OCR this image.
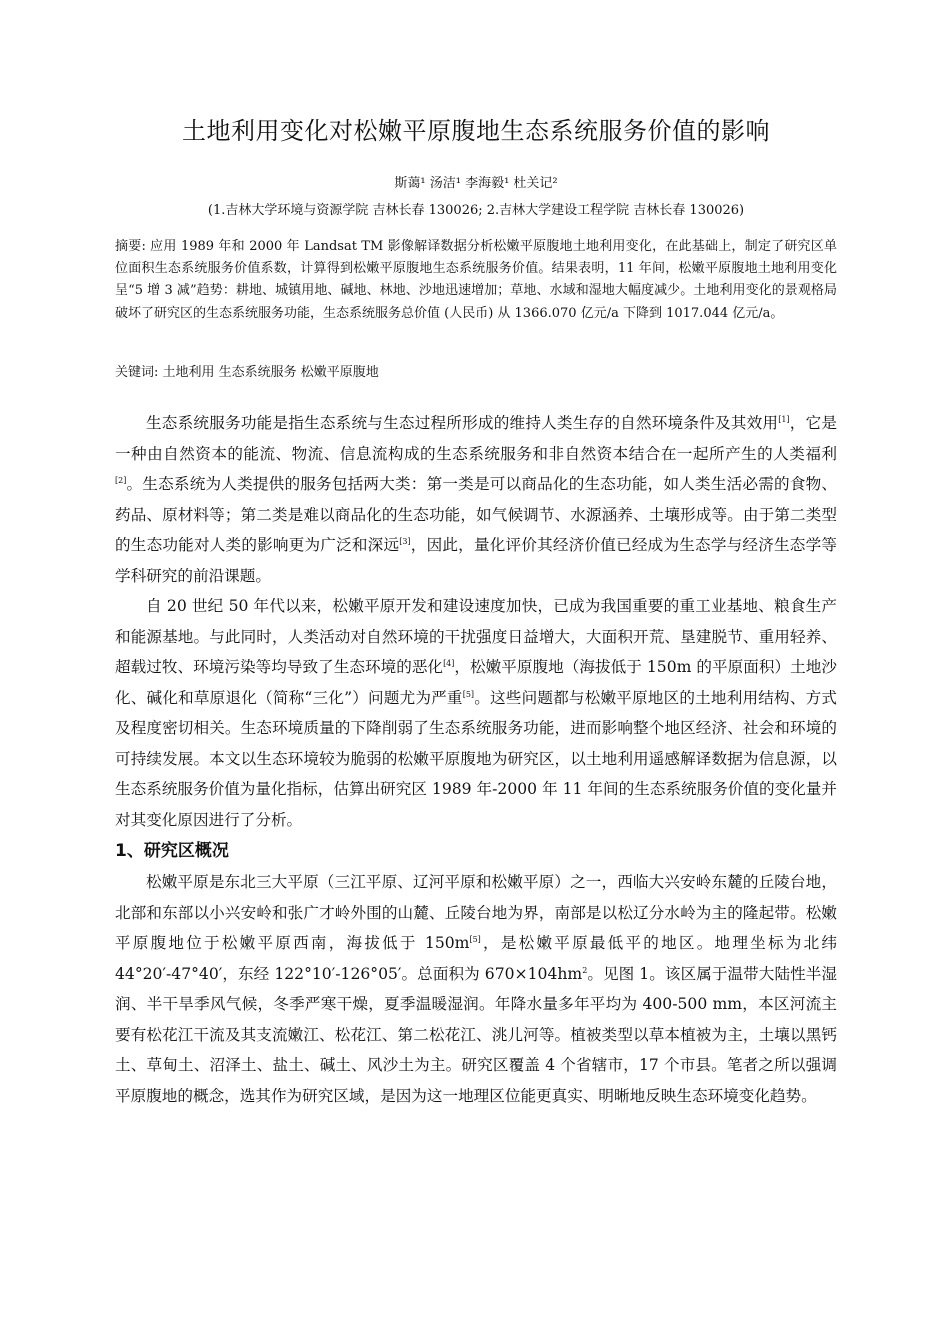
土地利用变化对松嫩平原腹地生态系统服务价值的影响
斯蔼¹ 汤洁¹ 李海毅¹ 杜关记²
(1.吉林大学环境与资源学院 吉林长春 130026; 2.吉林大学建设工程学院 吉林长春 130026)
摘要: 应用 1989 年和 2000 年 Landsat TM 影像解译数据分析松嫩平原腹地土地利用变化，在此基础上，制定了研究区单位面积生态系统服务价值系数，计算得到松嫩平原腹地生态系统服务价值。结果表明，11 年间，松嫩平原腹地土地利用变化呈“5 增 3 减”趋势：耕地、城镇用地、碱地、林地、沙地迅速增加；草地、水域和湿地大幅度减少。土地利用变化的景观格局破坏了研究区的生态系统服务功能，生态系统服务总价值 (人民币) 从 1366.070 亿元/a 下降到 1017.044 亿元/a。
关键词: 土地利用 生态系统服务 松嫩平原腹地

生态系统服务功能是指生态系统与生态过程所形成的维持人类生存的自然环境条件及其效用[1]，它是一种由自然资本的能流、物流、信息流构成的生态系统服务和非自然资本结合在一起所产生的人类福利[2]。生态系统为人类提供的服务包括两大类：第一类是可以商品化的生态功能，如人类生活必需的食物、药品、原材料等；第二类是难以商品化的生态功能，如气候调节、水源涵养、土壤形成等。由于第二类型的生态功能对人类的影响更为广泛和深远[3]，因此，量化评价其经济价值已经成为生态学与经济生态学等学科研究的前沿课题。

自 20 世纪 50 年代以来，松嫩平原开发和建设速度加快，已成为我国重要的重工业基地、粮食生产和能源基地。与此同时，人类活动对自然环境的干扰强度日益增大，大面积开荒、垦建脱节、重用轻养、超载过牧、环境污染等均导致了生态环境的恶化[4]，松嫩平原腹地（海拔低于 150m 的平原面积）土地沙化、碱化和草原退化（简称“三化”）问题尤为严重[5]。这些问题都与松嫩平原地区的土地利用结构、方式及程度密切相关。生态环境质量的下降削弱了生态系统服务功能，进而影响整个地区经济、社会和环境的可持续发展。本文以生态环境较为脆弱的松嫩平原腹地为研究区，以土地利用遥感解译数据为信息源，以生态系统服务价值为量化指标，估算出研究区 1989 年-2000 年 11 年间的生态系统服务价值的变化量并对其变化原因进行了分析。

1、研究区概况

松嫩平原是东北三大平原（三江平原、辽河平原和松嫩平原）之一，西临大兴安岭东麓的丘陵台地，北部和东部以小兴安岭和张广才岭外围的山麓、丘陵台地为界，南部是以松辽分水岭为主的隆起带。松嫩平原腹地位于松嫩平原西南，海拔低于 150m[5]，是松嫩平原最低平的地区。地理坐标为北纬 44°20′-47°40′，东经 122°10′-126°05′。总面积为 $670\times 104hm^2$。见图 1。该区属于温带大陆性半湿润、半干旱季风气候，冬季严寒干燥，夏季温暖湿润。年降水量多年平均为 400-500 mm，本区河流主要有松花江干流及其支流嫩江、松花江、第二松花江、洮儿河等。植被类型以草本植被为主，土壤以黑钙土、草甸土、沼泽土、盐土、碱土、风沙土为主。研究区覆盖 4 个省辖市，17 个市县。笔者之所以强调平原腹地的概念，选其作为研究区域，是因为这一地理区位能更真实、明晰地反映生态环境变化趋势。
